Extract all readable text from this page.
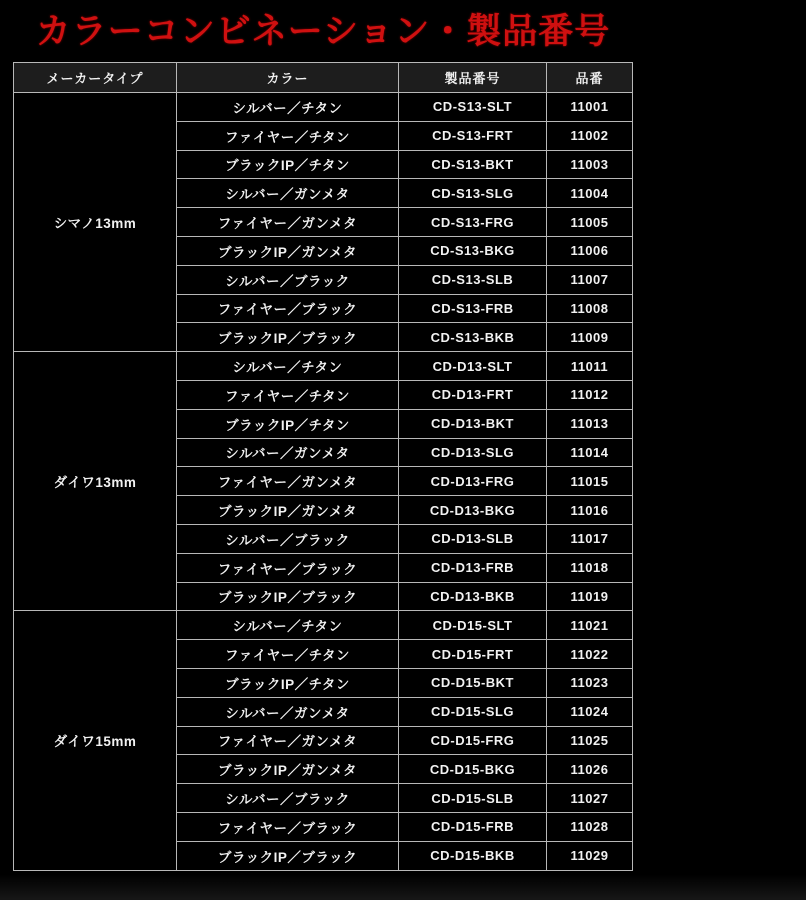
カラーコンビネーション・製品番号
メーカータイプ	カラー	製品番号	品番
シマノ13mm	シルバー／チタン	CD-S13-SLT	11001
	ファイヤー／チタン	CD-S13-FRT	11002
	ブラックIP／チタン	CD-S13-BKT	11003
	シルバー／ガンメタ	CD-S13-SLG	11004
	ファイヤー／ガンメタ	CD-S13-FRG	11005
	ブラックIP／ガンメタ	CD-S13-BKG	11006
	シルバー／ブラック	CD-S13-SLB	11007
	ファイヤー／ブラック	CD-S13-FRB	11008
	ブラックIP／ブラック	CD-S13-BKB	11009
ダイワ13mm	シルバー／チタン	CD-D13-SLT	11011
	ファイヤー／チタン	CD-D13-FRT	11012
	ブラックIP／チタン	CD-D13-BKT	11013
	シルバー／ガンメタ	CD-D13-SLG	11014
	ファイヤー／ガンメタ	CD-D13-FRG	11015
	ブラックIP／ガンメタ	CD-D13-BKG	11016
	シルバー／ブラック	CD-D13-SLB	11017
	ファイヤー／ブラック	CD-D13-FRB	11018
	ブラックIP／ブラック	CD-D13-BKB	11019
ダイワ15mm	シルバー／チタン	CD-D15-SLT	11021
	ファイヤー／チタン	CD-D15-FRT	11022
	ブラックIP／チタン	CD-D15-BKT	11023
	シルバー／ガンメタ	CD-D15-SLG	11024
	ファイヤー／ガンメタ	CD-D15-FRG	11025
	ブラックIP／ガンメタ	CD-D15-BKG	11026
	シルバー／ブラック	CD-D15-SLB	11027
	ファイヤー／ブラック	CD-D15-FRB	11028
	ブラックIP／ブラック	CD-D15-BKB	11029
